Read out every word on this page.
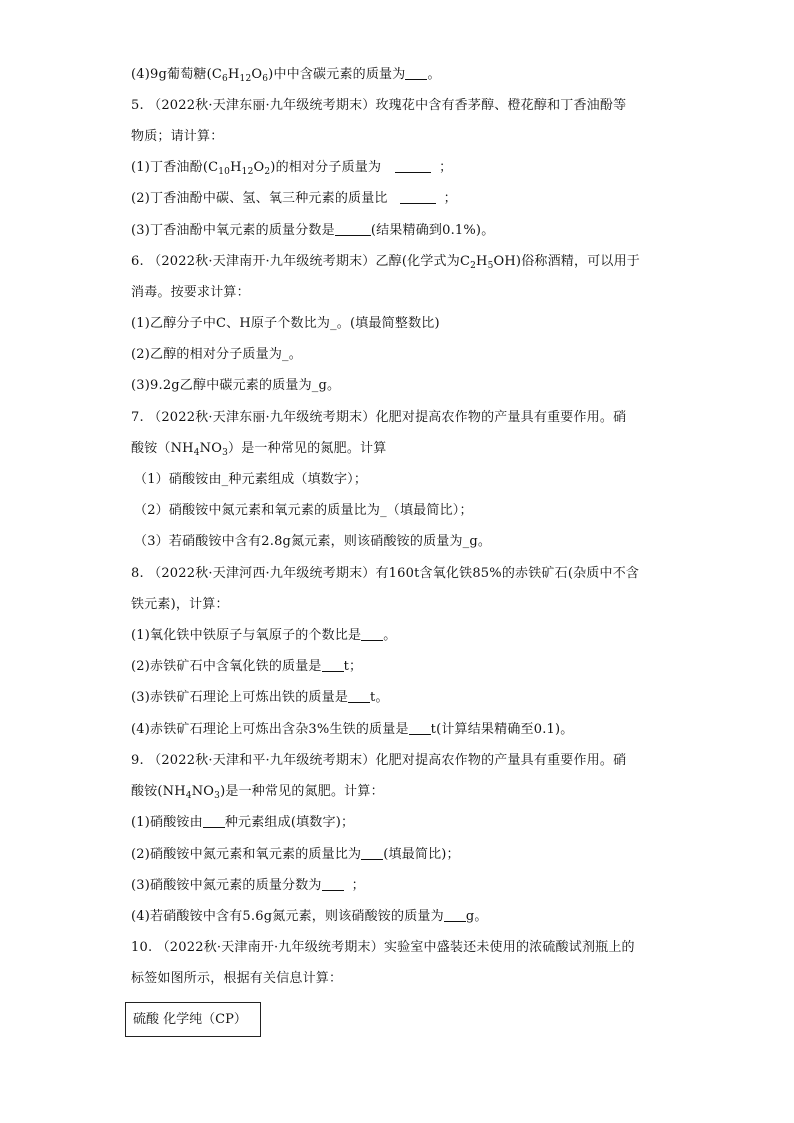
(4)9g葡萄糖$(C_6H_{12}O_6)$中中含碳元素的质量为 。
5. （2022秋·天津东丽·九年级统考期末）玫瑰花中含有香茅醇、橙花醇和丁香油酚等
物质；请计算：
(1)丁香油酚$(C_{10}H_{12}O_2)$的相对分子质量为	；
(2)丁香油酚中碳、氢、氧三种元素的质量比	；
(3)丁香油酚中氧元素的质量分数是	(结果精确到0.1%)。
6. （2022秋·天津南开·九年级统考期末）乙醇(化学式为$C_2H_5OH$)俗称酒精，可以用于
消毒。按要求计算：
(1)乙醇分子中C、H原子个数比为_。(填最简整数比)
(2)乙醇的相对分子质量为_。
(3)9.2g乙醇中碳元素的质量为_g。
7. （2022秋·天津东丽·九年级统考期末）化肥对提高农作物的产量具有重要作用。硝
酸铵$(NH_4NO_3)$是一种常见的氮肥。计算
（1）硝酸铵由_种元素组成（填数字）；
（2）硝酸铵中氮元素和氧元素的质量比为_（填最简比）；
（3）若硝酸铵中含有2.8g氮元素，则该硝酸铵的质量为_g。
8. （2022秋·天津河西·九年级统考期末）有160t含氧化铁85%的赤铁矿石(杂质中不含
铁元素)，计算：
(1)氧化铁中铁原子与氧原子的个数比是 。
(2)赤铁矿石中含氧化铁的质量是 t；
(3)赤铁矿石理论上可炼出铁的质量是 t。
(4)赤铁矿石理论上可炼出含杂3%生铁的质量是 t(计算结果精确至0.1)。
9. （2022秋·天津和平·九年级统考期末）化肥对提高农作物的产量具有重要作用。硝
酸铵$(NH_4NO_3)$是一种常见的氮肥。计算：
(1)硝酸铵由 种元素组成(填数字)；
(2)硝酸铵中氮元素和氧元素的质量比为 (填最简比)；
(3)硝酸铵中氮元素的质量分数为 ；
(4)若硝酸铵中含有5.6g氮元素，则该硝酸铵的质量为 g。
10. （2022秋·天津南开·九年级统考期末）实验室中盛装还未使用的浓硫酸试剂瓶上的
标签如图所示，根据有关信息计算：
硫酸 化学纯（CP）
